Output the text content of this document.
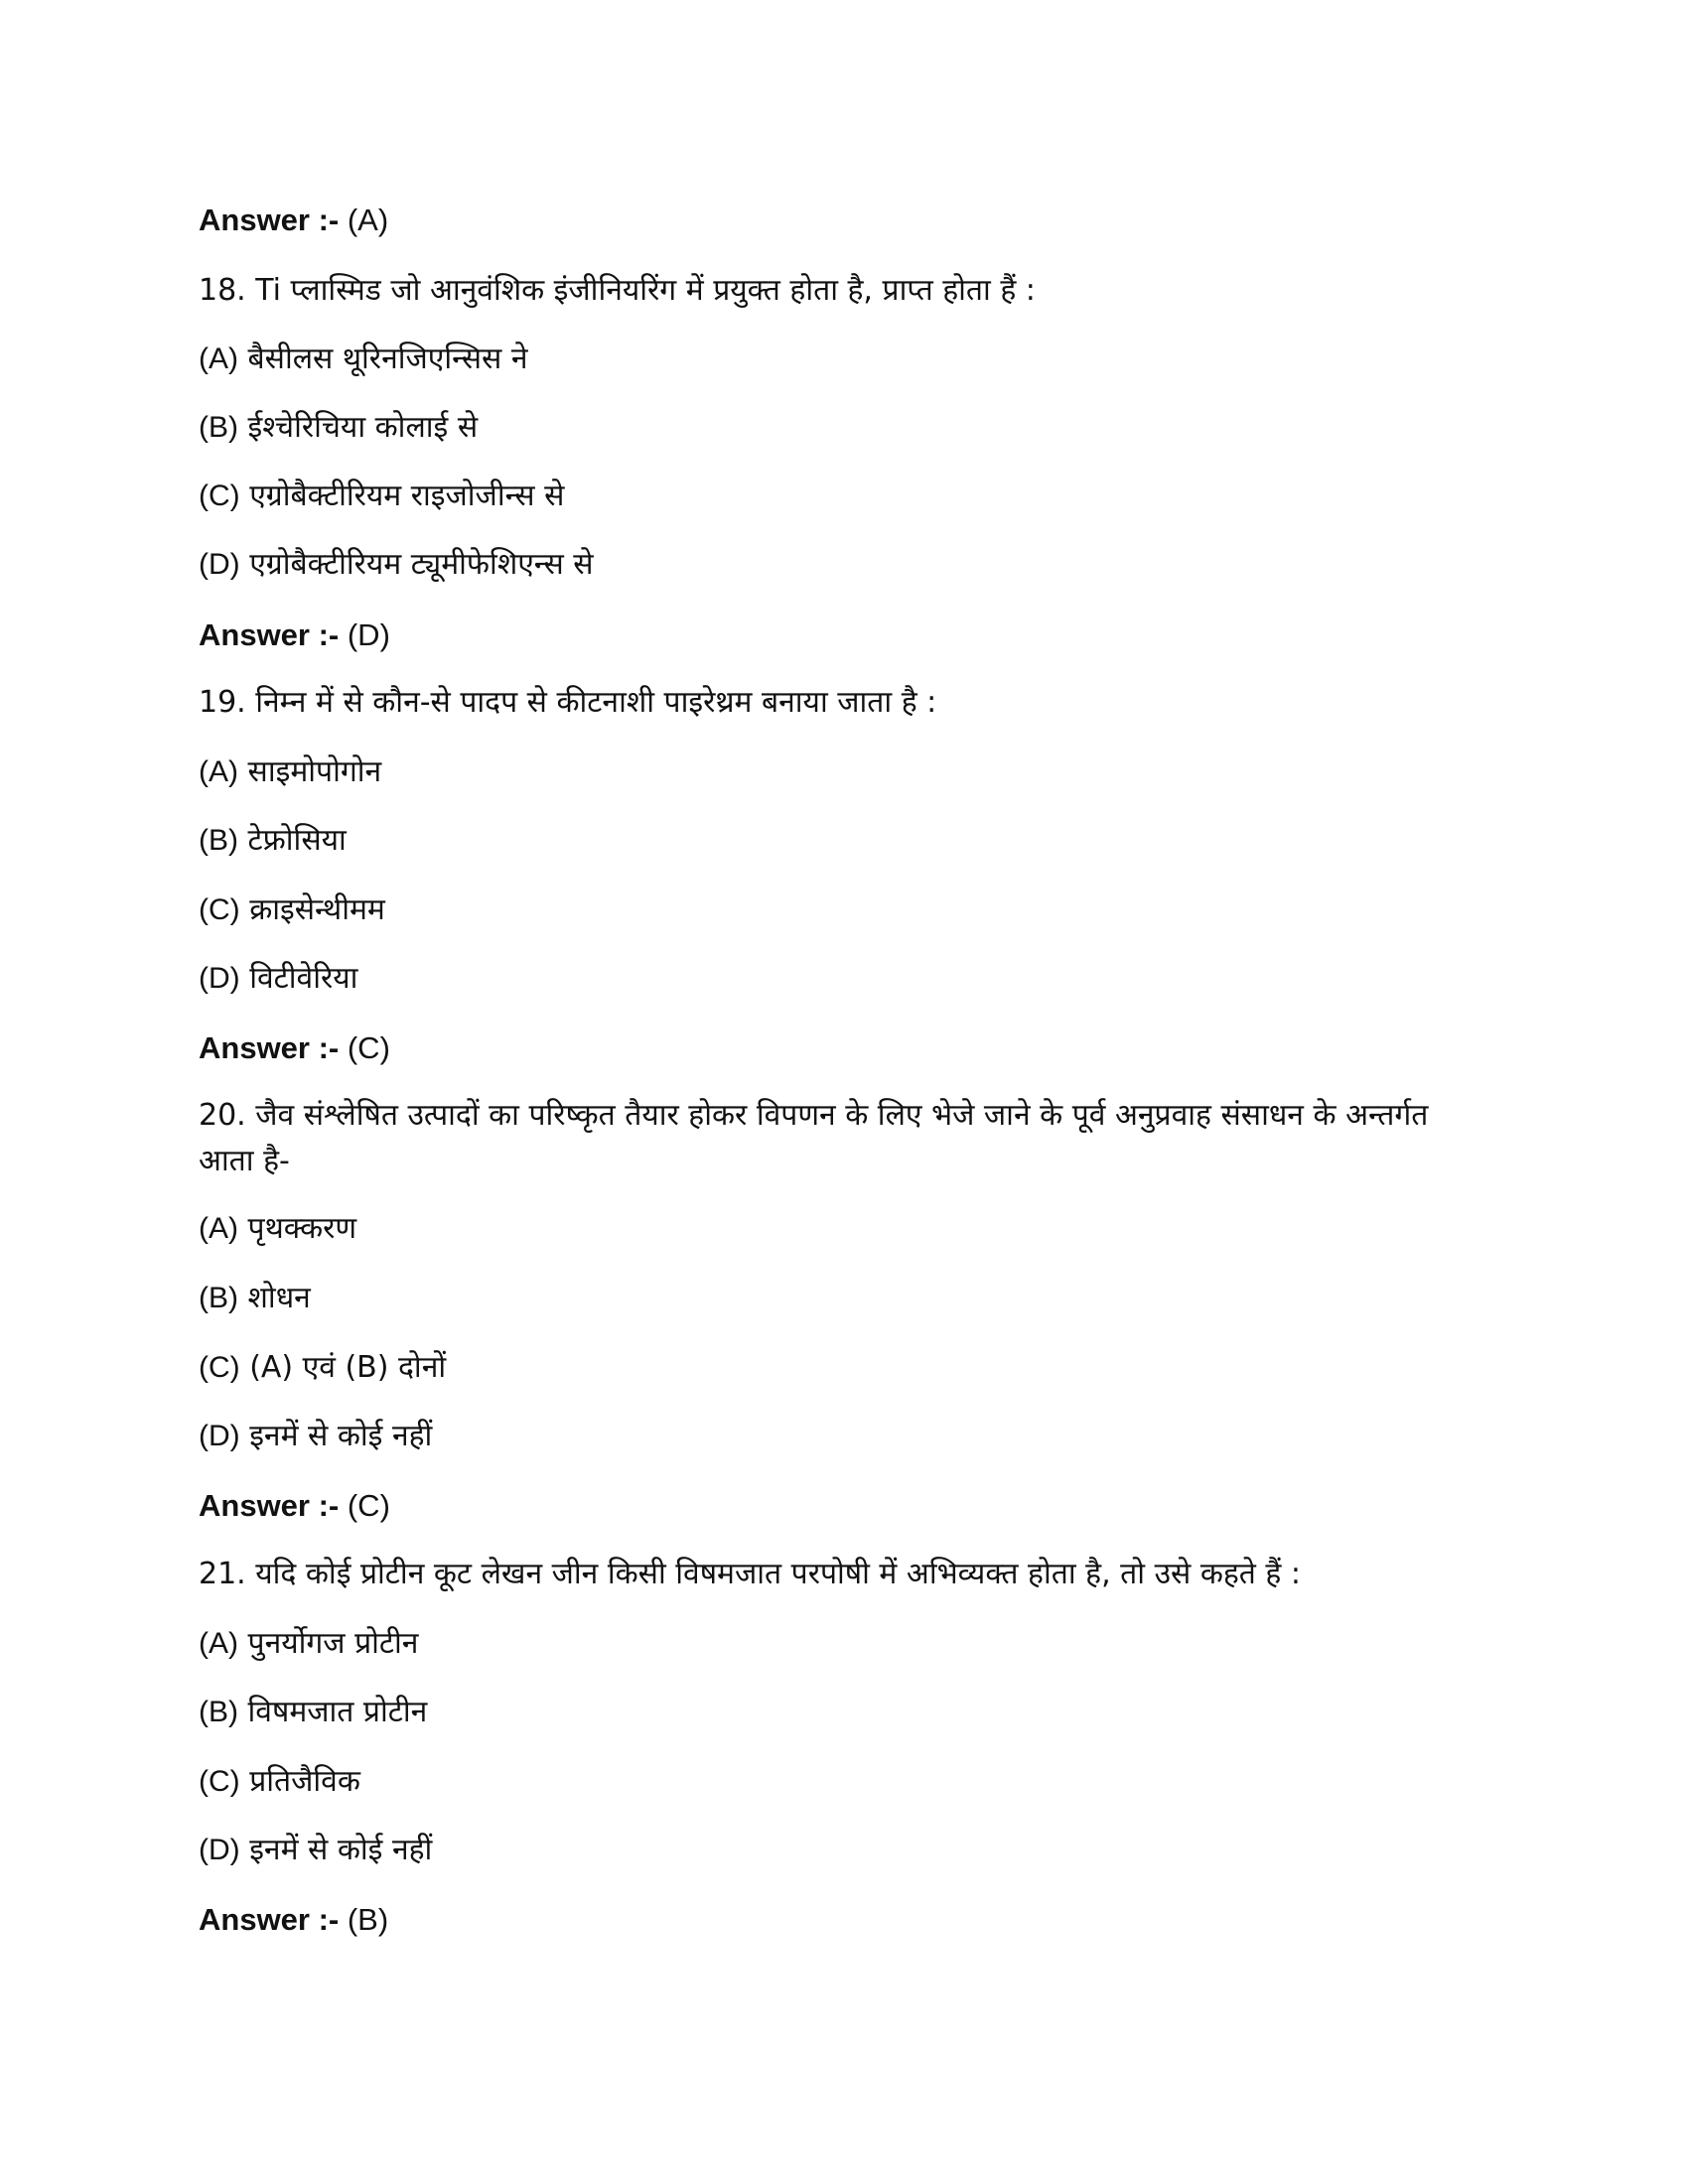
Answer :- (A)
18. Ti प्लास्मिड जो आनुवंशिक इंजीनियरिंग में प्रयुक्त होता है, प्राप्त होता हैं :
(A) बैसीलस थूरिनजिएन्सिस ने
(B) ईश्चेरिचिया कोलाई से
(C) एग्रोबैक्टीरियम राइजोजीन्स से
(D) एग्रोबैक्टीरियम ट्यूमीफेशिएन्स से
Answer :- (D)
19. निम्न में से कौन-से पादप से कीटनाशी पाइरेथ्रम बनाया जाता है :
(A) साइमोपोगोन
(B) टेफ्रोसिया
(C) क्राइसेन्थीमम
(D) विटीवेरिया
Answer :- (C)
20. जैव संश्लेषित उत्पादों का परिष्कृत तैयार होकर विपणन के लिए भेजे जाने के पूर्व अनुप्रवाह संसाधन के अन्तर्गत आता है-
(A) पृथक्करण
(B) शोधन
(C) (A) एवं (B) दोनों
(D) इनमें से कोई नहीं
Answer :- (C)
21. यदि कोई प्रोटीन कूट लेखन जीन किसी विषमजात परपोषी में अभिव्यक्त होता है, तो उसे कहते हैं :
(A) पुनर्योगज प्रोटीन
(B) विषमजात प्रोटीन
(C) प्रतिजैविक
(D) इनमें से कोई नहीं
Answer :- (B)
